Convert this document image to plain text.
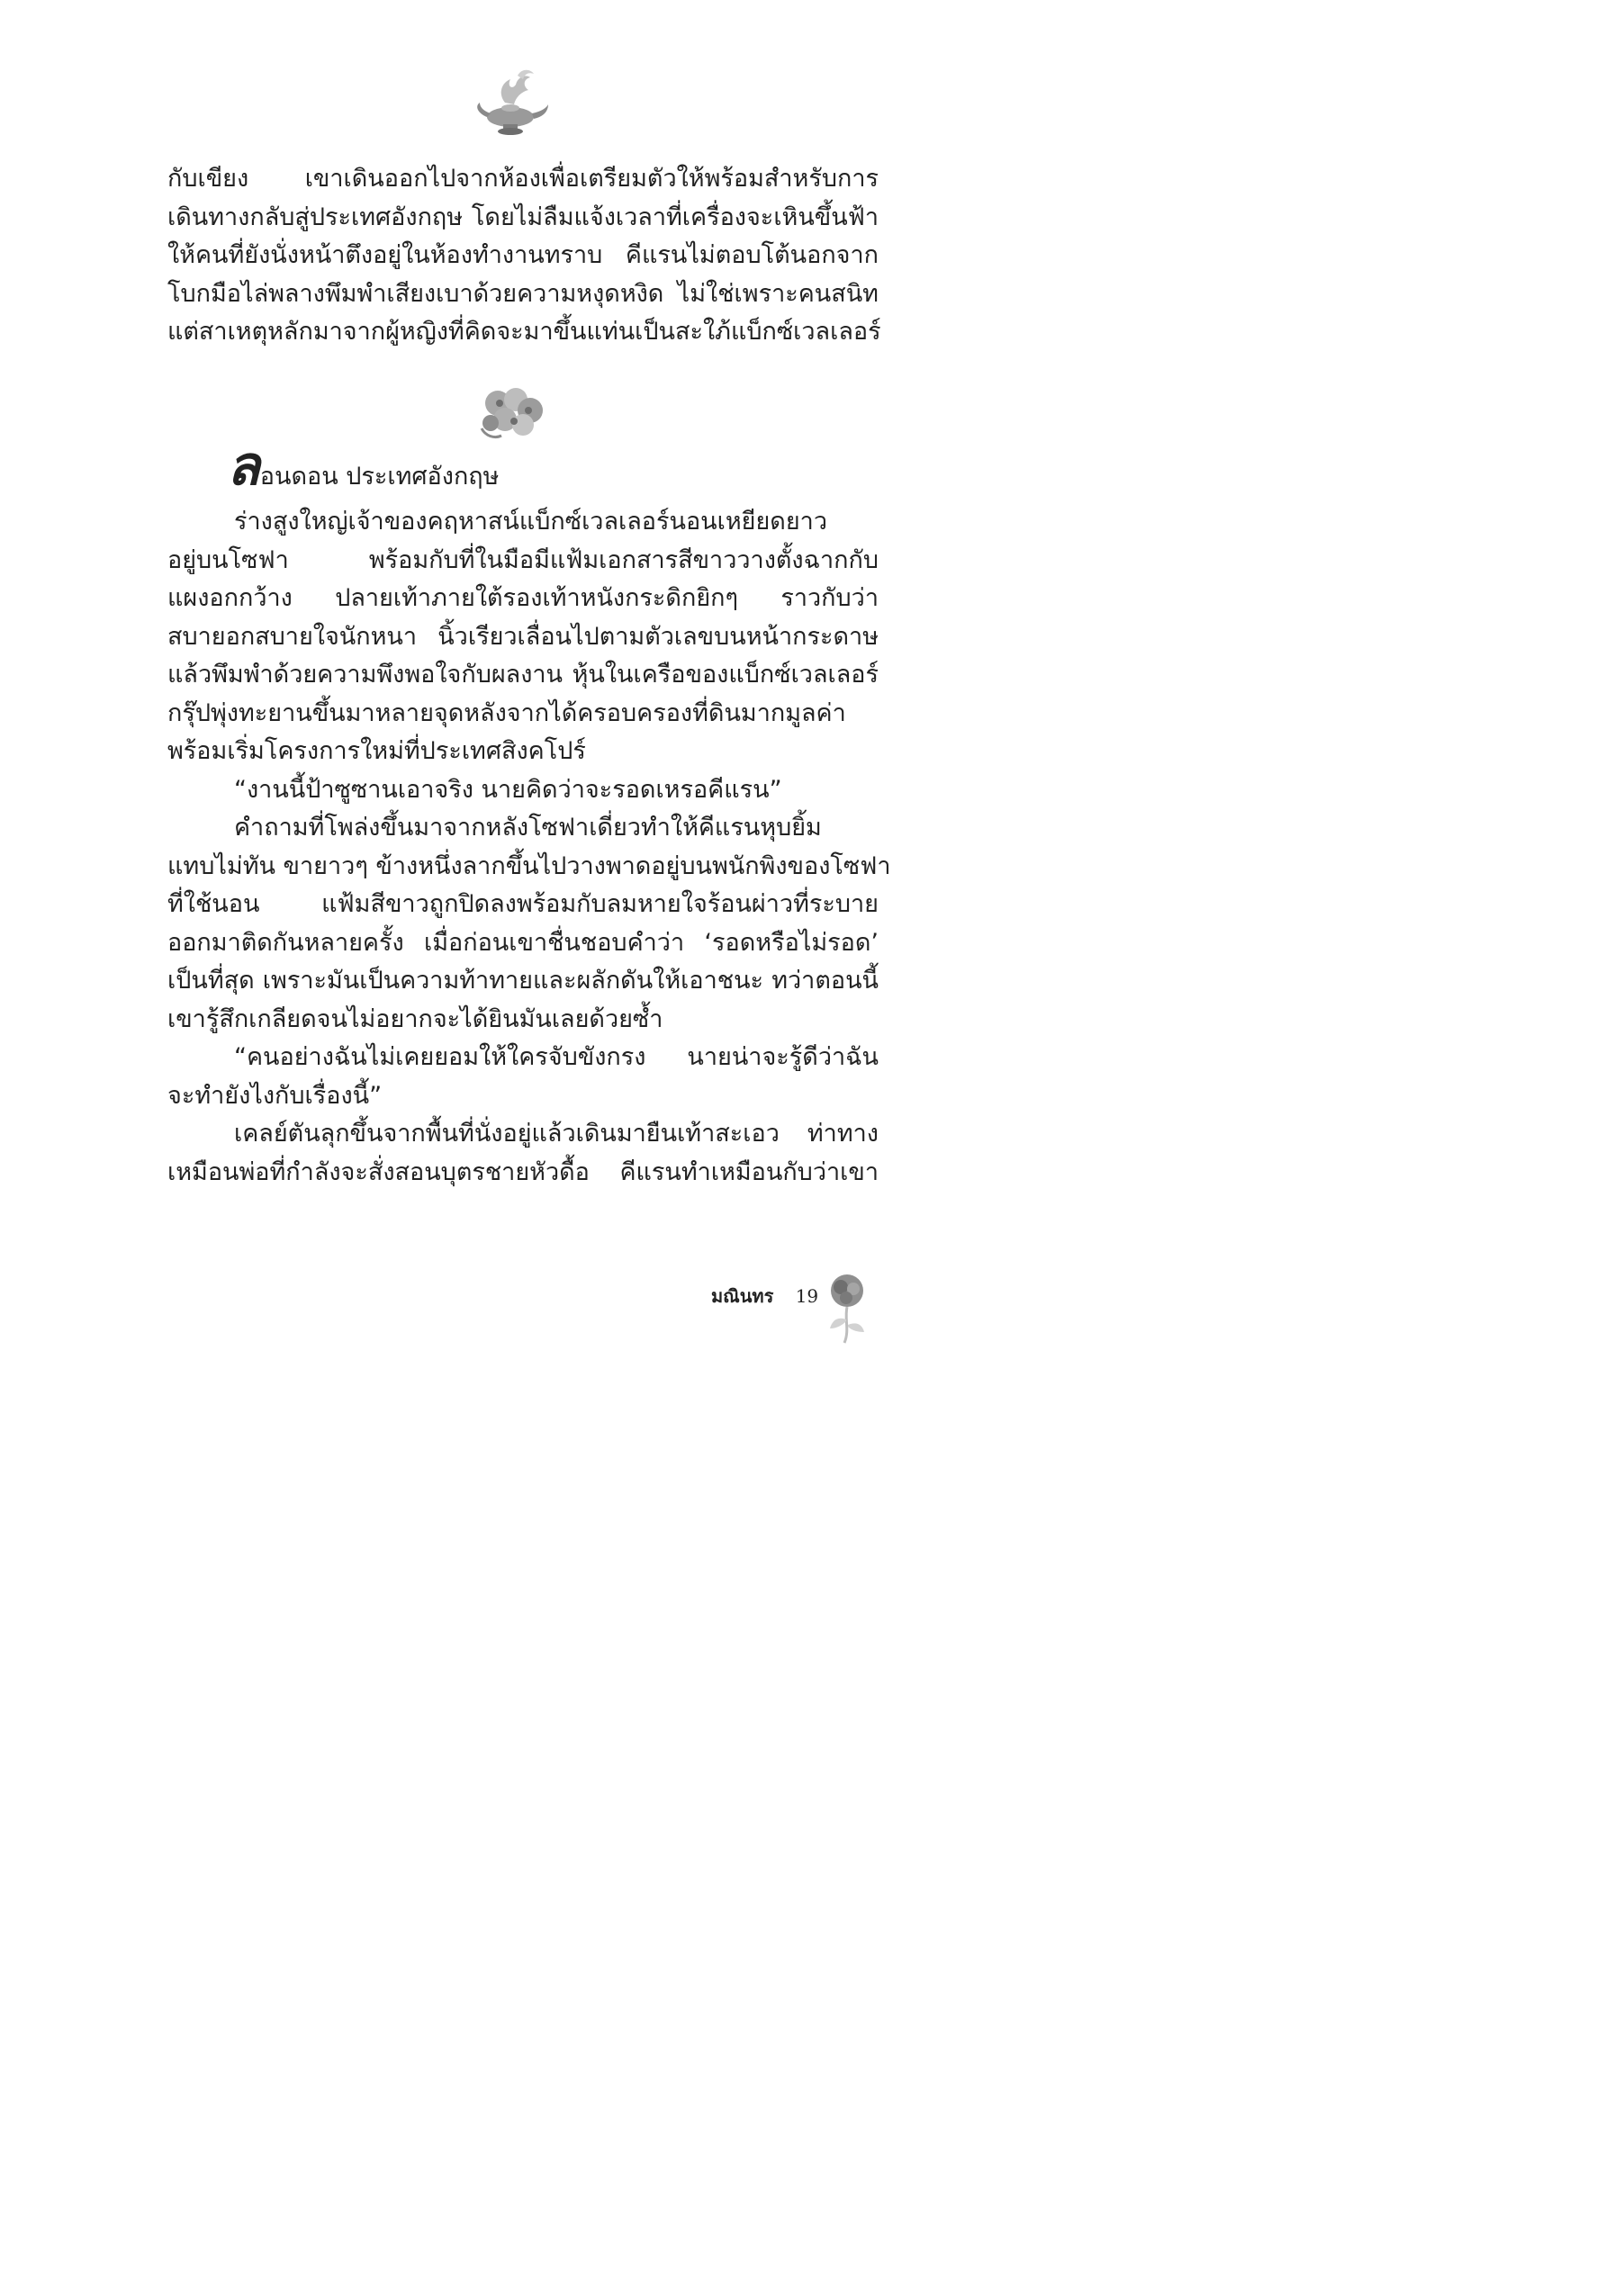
กับเขียง เขาเดินออกไปจากห้องเพื่อเตรียมตัวให้พร้อมสำหรับการ
เดินทางกลับสู่ประเทศอังกฤษ โดยไม่ลืมแจ้งเวลาที่เครื่องจะเหินขึ้นฟ้า
ให้คนที่ยังนั่งหน้าตึงอยู่ในห้องทำงานทราบ คีแรนไม่ตอบโต้นอกจาก
โบกมือไล่พลางพึมพำเสียงเบาด้วยความหงุดหงิด ไม่ใช่เพราะคนสนิท
แต่สาเหตุหลักมาจากผู้หญิงที่คิดจะมาขึ้นแท่นเป็นสะใภ้แบ็กซ์เวลเลอร์
ล อนดอน ประเทศอังกฤษ
ร่างสูงใหญ่เจ้าของคฤหาสน์แบ็กซ์เวลเลอร์นอนเหยียดยาว
อยู่บนโซฟา พร้อมกับที่ในมือมีแฟ้มเอกสารสีขาววางตั้งฉากกับ
แผงอกกว้าง ปลายเท้าภายใต้รองเท้าหนังกระดิกยิกๆ ราวกับว่า
สบายอกสบายใจนักหนา นิ้วเรียวเลื่อนไปตามตัวเลขบนหน้ากระดาษ
แล้วพึมพำด้วยความพึงพอใจกับผลงาน หุ้นในเครือของแบ็กซ์เวลเลอร์
กรุ๊ปพุ่งทะยานขึ้นมาหลายจุดหลังจากได้ครอบครองที่ดินมากมูลค่า
พร้อมเริ่มโครงการใหม่ที่ประเทศสิงคโปร์
“งานนี้ป้าซูซานเอาจริง นายคิดว่าจะรอดเหรอคีแรน”
คำถามที่โพล่งขึ้นมาจากหลังโซฟาเดี่ยวทำให้คีแรนหุบยิ้ม
แทบไม่ทัน ขายาวๆ ข้างหนึ่งลากขึ้นไปวางพาดอยู่บนพนักพิงของโซฟา
ที่ใช้นอน แฟ้มสีขาวถูกปิดลงพร้อมกับลมหายใจร้อนผ่าวที่ระบาย
ออกมาติดกันหลายครั้ง เมื่อก่อนเขาชื่นชอบคำว่า ‘รอดหรือไม่รอด’
เป็นที่สุด เพราะมันเป็นความท้าทายและผลักดันให้เอาชนะ ทว่าตอนนี้
เขารู้สึกเกลียดจนไม่อยากจะได้ยินมันเลยด้วยซ้ำ
“คนอย่างฉันไม่เคยยอมให้ใครจับขังกรง นายน่าจะรู้ดีว่าฉัน
จะทำยังไงกับเรื่องนี้”
เคลย์ตันลุกขึ้นจากพื้นที่นั่งอยู่แล้วเดินมายืนเท้าสะเอว ท่าทาง
เหมือนพ่อที่กำลังจะสั่งสอนบุตรชายหัวดื้อ คีแรนทำเหมือนกับว่าเขา
มณินทร 19
